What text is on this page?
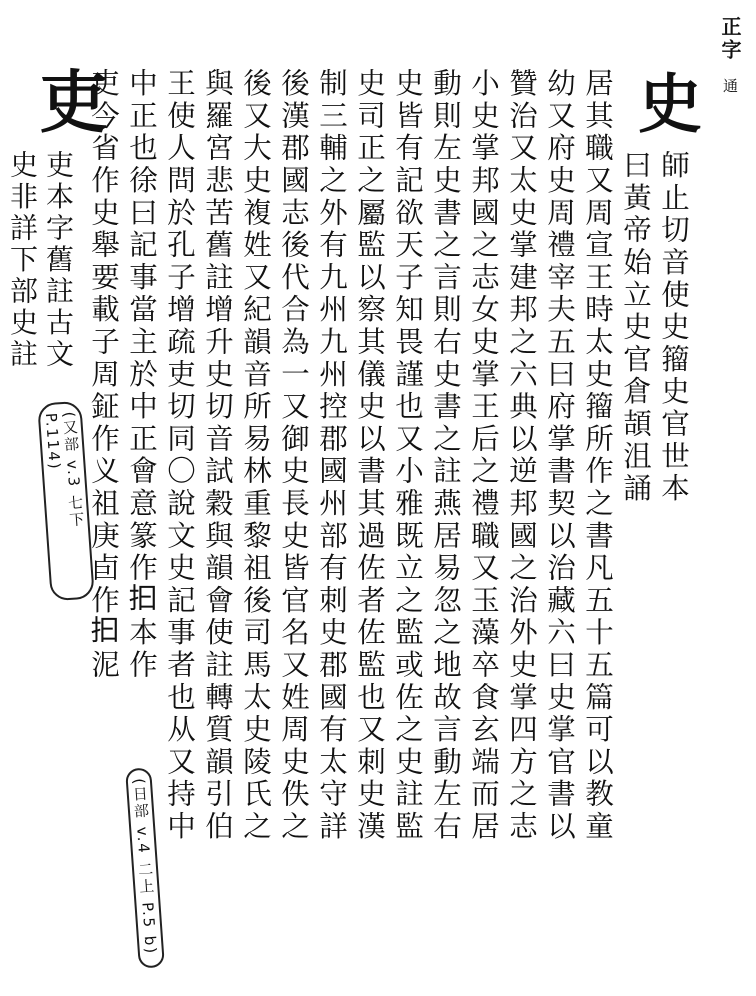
正字 通
史
師止切音使史籀史官世本
曰黃帝始立史官倉頡沮誦
居其職又周宣王時太史籀所作之書凡五十五篇可以教童
幼又府史周禮宰夫五曰府掌書契以治藏六曰史掌官書以
贊治又太史掌建邦之六典以逆邦國之治外史掌四方之志
小史掌邦國之志女史掌王后之禮職又玉藻卒食玄端而居
動則左史書之言則右史書之註燕居易忽之地故言動左右
史皆有記欲天子知畏謹也又小雅既立之監或佐之史註監
史司正之屬監以察其儀史以書其過佐者佐監也又刺史漢
制三輔之外有九州九州控郡國州部有刺史郡國有太守詳
後漢郡國志後代合為一又御史長史皆官名又姓周史佚之
後又大史複姓又紀韻音所易林重黎祖後司馬太史陵氏之
與羅宮悲苦舊註增升史切音試穀與韻會使註轉質韻引伯
王使人問於孔子增疏吏切同〇說文史記事者也从又持中
中正也徐曰記事當主於中正會意篆作𢪏本作
吏今省作史舉要載子周鉦作义祖庚卣作𢪏泥
(日部 v.4 二上 P.5 b)
吏
吏本字舊註古文
史非詳下部史註
(又部 v.3 七下 P.114)
